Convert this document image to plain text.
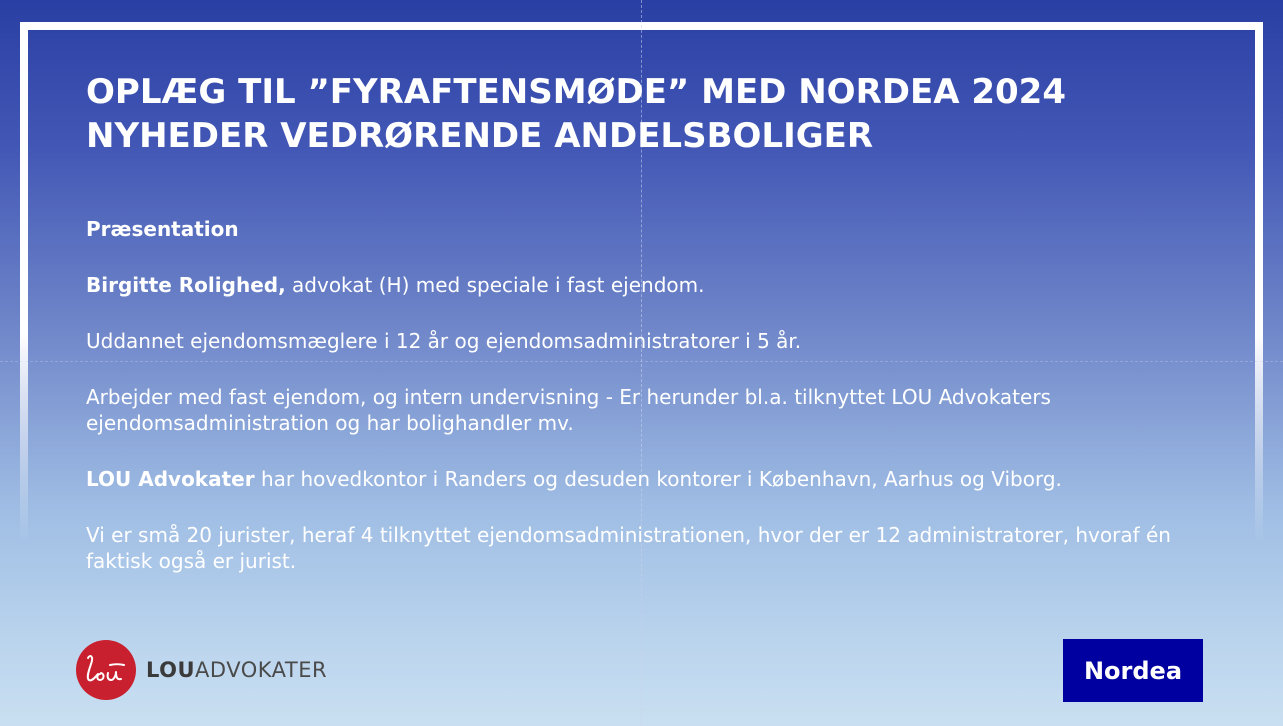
OPLÆG TIL ”FYRAFTENSMØDE” MED NORDEA 2024
NYHEDER VEDRØRENDE ANDELSBOLIGER

Præsentation

Birgitte Rolighed, advokat (H) med speciale i fast ejendom.

Uddannet ejendomsmæglere i 12 år og ejendomsadministratorer i 5 år.

Arbejder med fast ejendom, og intern undervisning - Er herunder bl.a. tilknyttet LOU Advokaters ejendomsadministration og har bolighandler mv.

LOU Advokater har hovedkontor i Randers og desuden kontorer i København, Aarhus og Viborg.

Vi er små 20 jurister, heraf 4 tilknyttet ejendomsadministrationen, hvor der er 12 administratorer, hvoraf én faktisk også er jurist.

LOUADVOKATER	Nordea
